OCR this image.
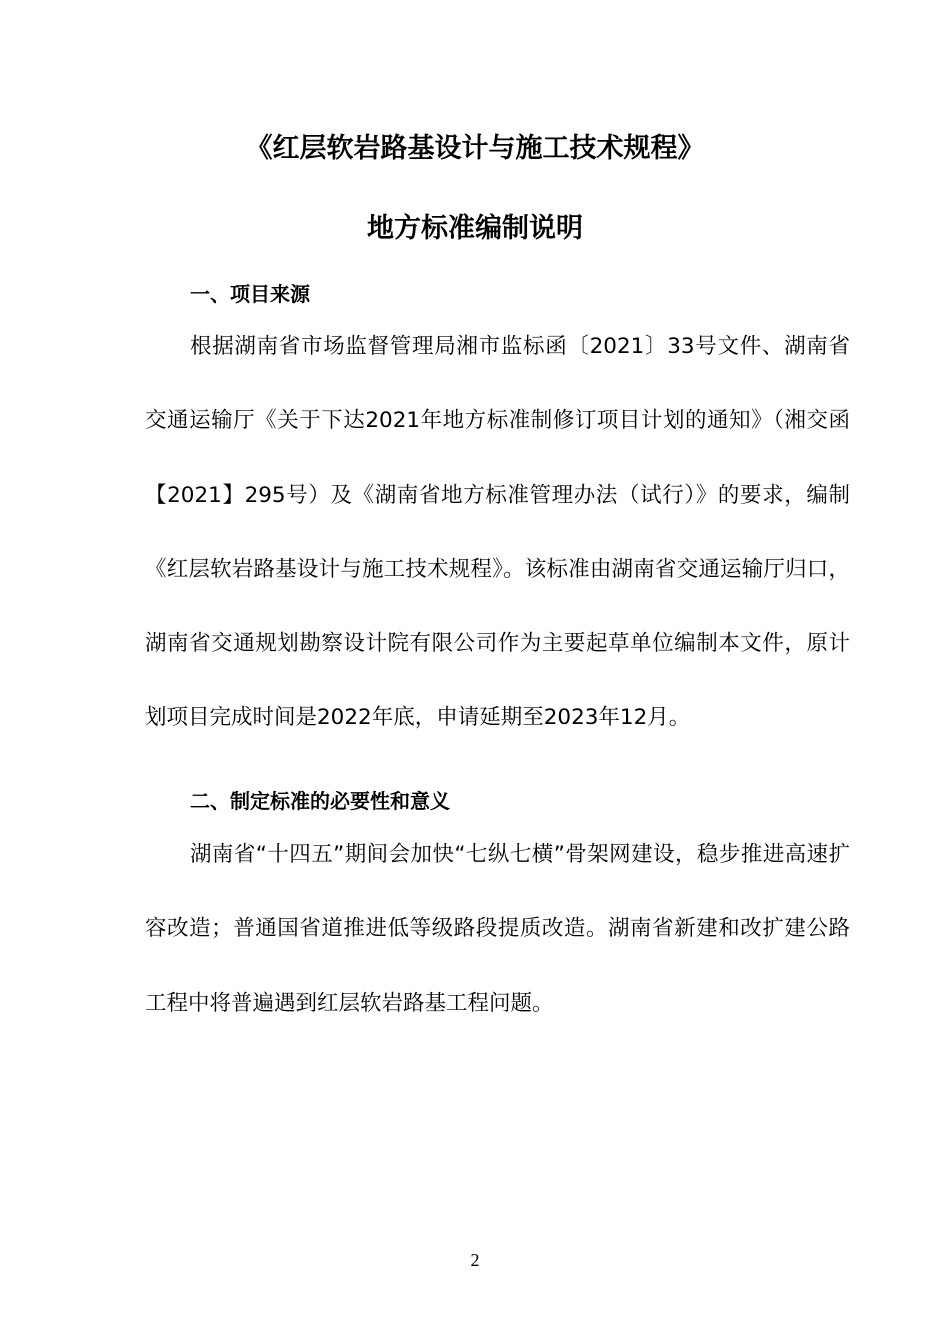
《红层软岩路基设计与施工技术规程》
地方标准编制说明
一、项目来源

根据湖南省市场监督管理局湘市监标函〔2021〕33号文件、湖南省交通运输厅《关于下达2021年地方标准制修订项目计划的通知》（湘交函【2021】295号）及《湖南省地方标准管理办法（试行）》的要求，编制《红层软岩路基设计与施工技术规程》。该标准由湖南省交通运输厅归口，湖南省交通规划勘察设计院有限公司作为主要起草单位编制本文件，原计划项目完成时间是2022年底，申请延期至2023年12月。

二、制定标准的必要性和意义

湖南省“十四五”期间会加快“七纵七横”骨架网建设，稳步推进高速扩容改造；普通国省道推进低等级路段提质改造。湖南省新建和改扩建公路工程中将普遍遇到红层软岩路基工程问题。

2
